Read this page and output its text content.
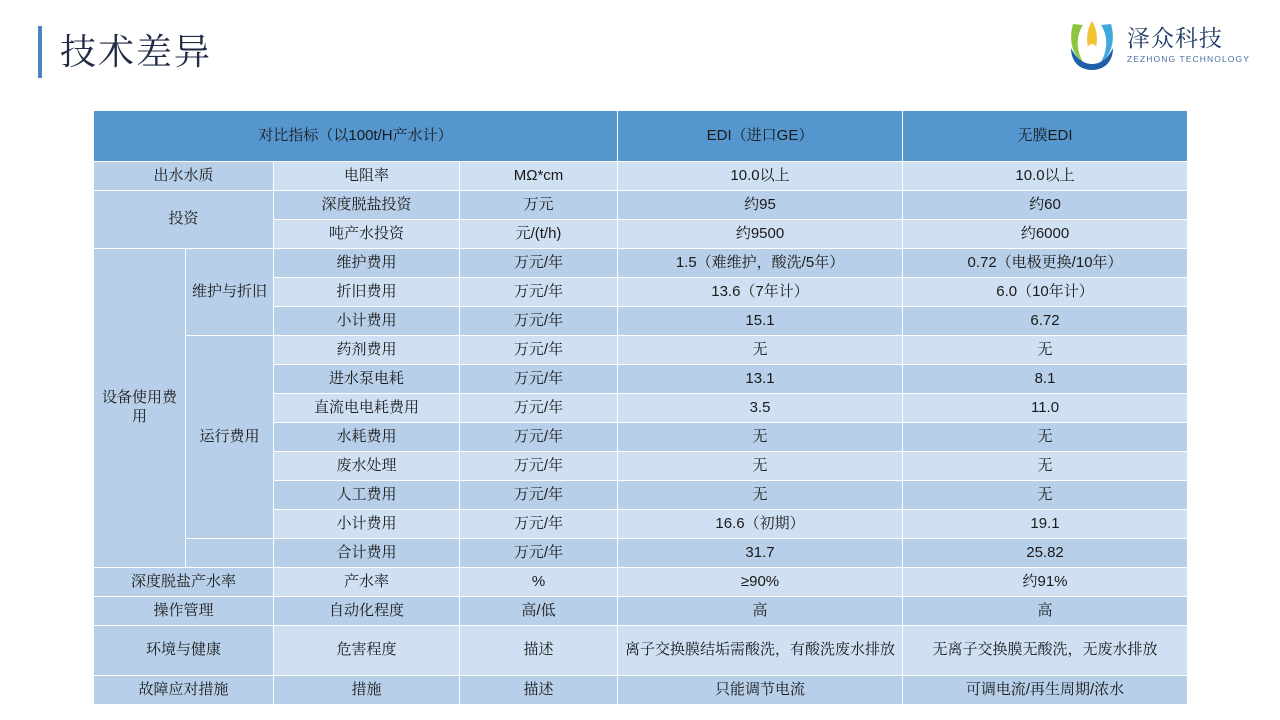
技术差异	泽众科技
ZEZHONG TECHNOLOGY
对比指标（以100t/H产水计）				EDI（进口GE）	无膜EDI
出水水质		电阻率	MΩ*cm	10.0以上	10.0以上
投资		深度脱盐投资	万元	约95	约60
		吨产水投资	元/(t/h)	约9500	约6000
设备使用费用	维护与折旧	维护费用	万元/年	1.5（难维护，酸洗/5年）	0.72（电极更换/10年）
		折旧费用	万元/年	13.6（7年计）	6.0（10年计）
		小计费用	万元/年	15.1	6.72
	运行费用	药剂费用	万元/年	无	无
		进水泵电耗	万元/年	13.1	8.1
		直流电电耗费用	万元/年	3.5	11.0
		水耗费用	万元/年	无	无
		废水处理	万元/年	无	无
		人工费用	万元/年	无	无
		小计费用	万元/年	16.6（初期）	19.1
		合计费用	万元/年	31.7	25.82
深度脱盐产水率		产水率	%	≥90%	约91%
操作管理		自动化程度	高/低	高	高
环境与健康		危害程度	描述	离子交换膜结垢需酸洗，有酸洗废水排放	无离子交换膜无酸洗，无废水排放
故障应对措施		措施	描述	只能调节电流	可调电流/再生周期/浓水
